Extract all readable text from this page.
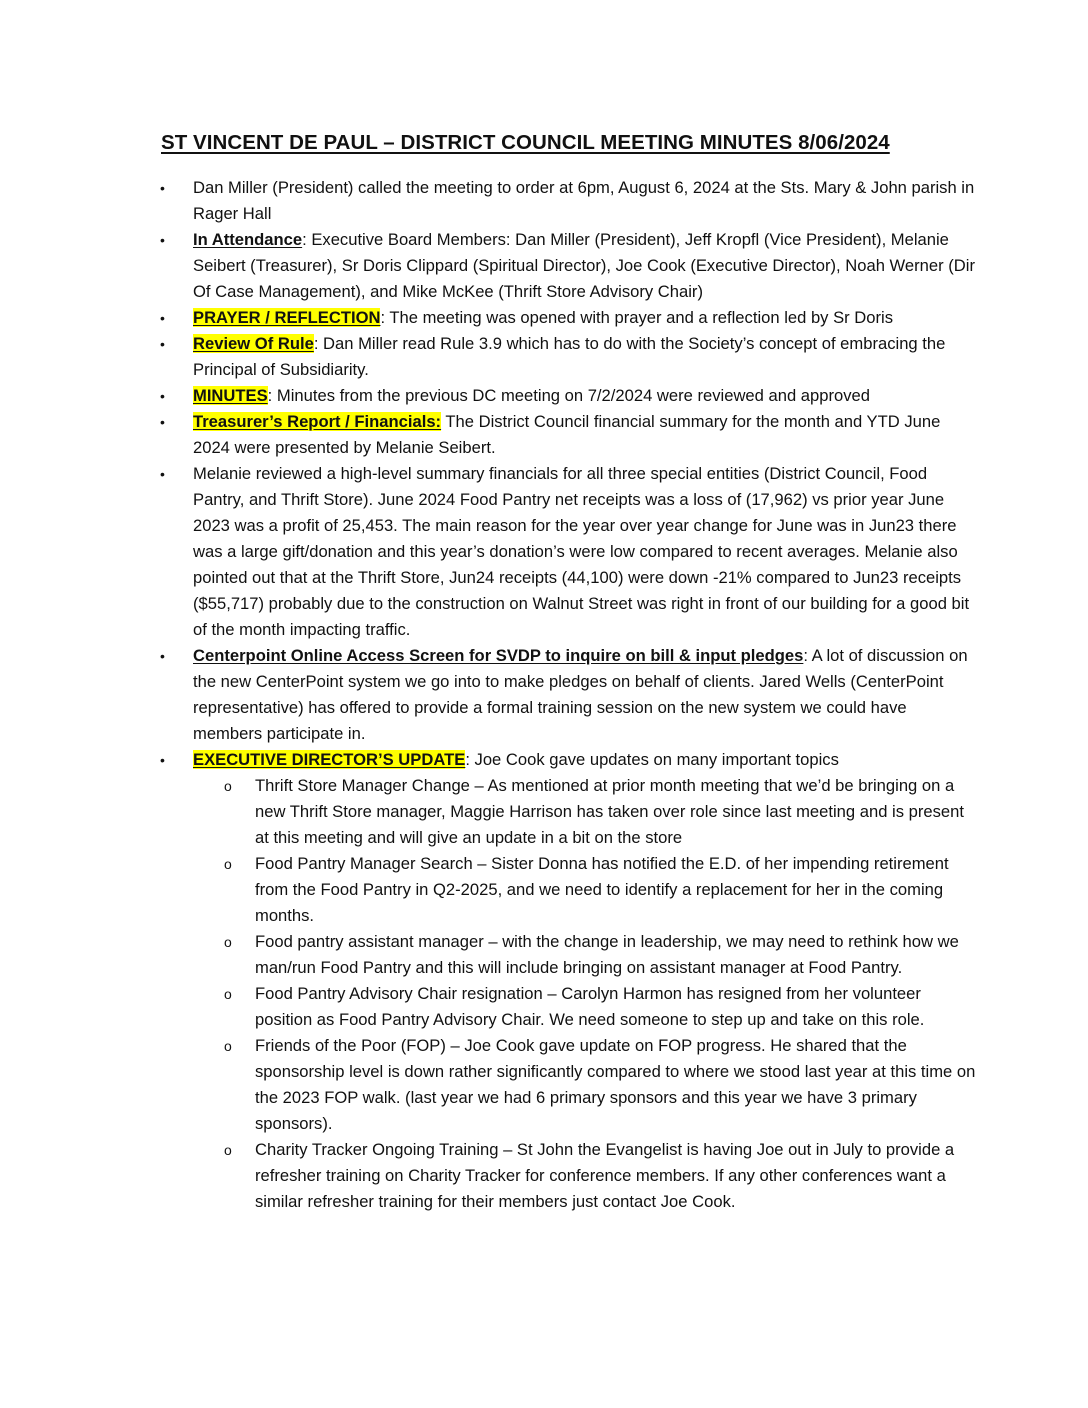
ST VINCENT DE PAUL – DISTRICT COUNCIL MEETING MINUTES 8/06/2024
•	Dan Miller (President) called the meeting to order at 6pm, August 6, 2024 at the Sts. Mary & John parish in Rager Hall
•	In Attendance: Executive Board Members: Dan Miller (President), Jeff Kropfl (Vice President), Melanie Seibert (Treasurer), Sr Doris Clippard (Spiritual Director), Joe Cook (Executive Director), Noah Werner (Dir Of Case Management), and Mike McKee (Thrift Store Advisory Chair)
•	PRAYER / REFLECTION: The meeting was opened with prayer and a reflection led by Sr Doris
•	Review Of Rule: Dan Miller read Rule 3.9 which has to do with the Society’s concept of embracing the Principal of Subsidiarity.
•	MINUTES: Minutes from the previous DC meeting on 7/2/2024 were reviewed and approved
•	Treasurer’s Report / Financials: The District Council financial summary for the month and YTD June 2024 were presented by Melanie Seibert.
•	Melanie reviewed a high-level summary financials for all three special entities (District Council, Food Pantry, and Thrift Store). June 2024 Food Pantry net receipts was a loss of (17,962) vs prior year June 2023 was a profit of 25,453. The main reason for the year over year change for June was in Jun23 there was a large gift/donation and this year’s donation’s were low compared to recent averages. Melanie also pointed out that at the Thrift Store, Jun24 receipts (44,100) were down -21% compared to Jun23 receipts ($55,717) probably due to the construction on Walnut Street was right in front of our building for a good bit of the month impacting traffic.
•	Centerpoint Online Access Screen for SVDP to inquire on bill & input pledges: A lot of discussion on the new CenterPoint system we go into to make pledges on behalf of clients. Jared Wells (CenterPoint representative) has offered to provide a formal training session on the new system we could have members participate in.
•	EXECUTIVE DIRECTOR’S UPDATE: Joe Cook gave updates on many important topics
o Thrift Store Manager Change – As mentioned at prior month meeting that we’d be bringing on a new Thrift Store manager, Maggie Harrison has taken over role since last meeting and is present at this meeting and will give an update in a bit on the store
o Food Pantry Manager Search – Sister Donna has notified the E.D. of her impending retirement from the Food Pantry in Q2-2025, and we need to identify a replacement for her in the coming months.
o Food pantry assistant manager – with the change in leadership, we may need to rethink how we man/run Food Pantry and this will include bringing on assistant manager at Food Pantry.
o Food Pantry Advisory Chair resignation – Carolyn Harmon has resigned from her volunteer position as Food Pantry Advisory Chair. We need someone to step up and take on this role.
o Friends of the Poor (FOP) – Joe Cook gave update on FOP progress. He shared that the sponsorship level is down rather significantly compared to where we stood last year at this time on the 2023 FOP walk. (last year we had 6 primary sponsors and this year we have 3 primary sponsors).
o Charity Tracker Ongoing Training – St John the Evangelist is having Joe out in July to provide a refresher training on Charity Tracker for conference members. If any other conferences want a similar refresher training for their members just contact Joe Cook.
